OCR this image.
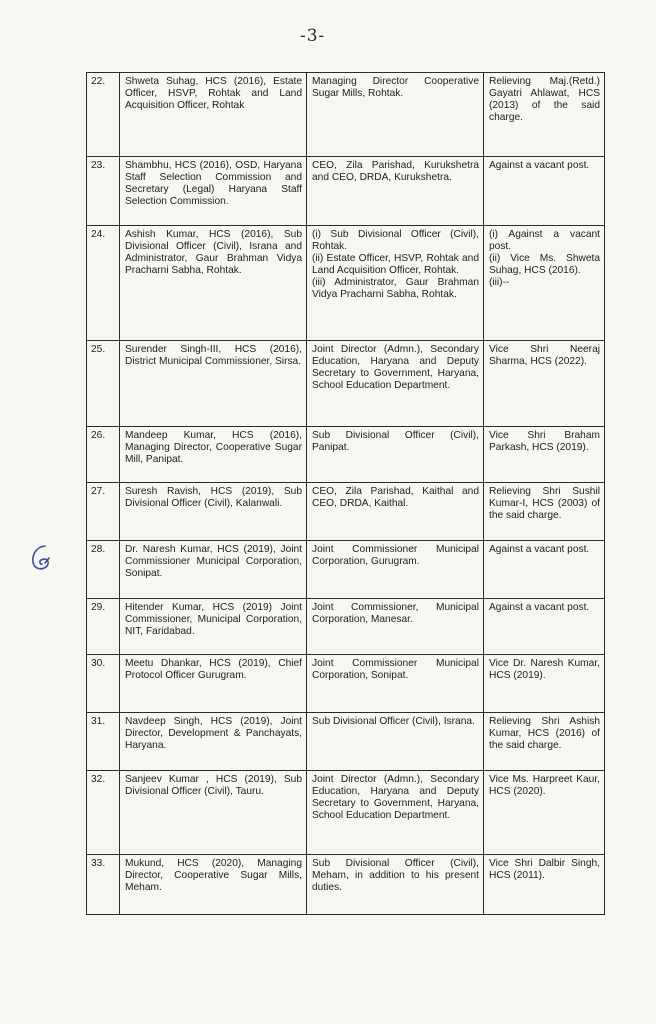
-3-
22.	Shweta Suhag, HCS (2016), Estate Officer, HSVP, Rohtak and Land Acquisition Officer, Rohtak	Managing Director Cooperative Sugar Mills, Rohtak.	Relieving Maj.(Retd.) Gayatri Ahlawat, HCS (2013) of the said charge.
23.	Shambhu, HCS (2016), OSD, Haryana Staff Selection Commission and Secretary (Legal) Haryana Staff Selection Commission.	CEO, Zila Parishad, Kurukshetra and CEO, DRDA, Kurukshetra.	Against a vacant post.
24.	Ashish Kumar, HCS (2016), Sub Divisional Officer (Civil), Israna and Administrator, Gaur Brahman Vidya Pracharni Sabha, Rohtak.	(i) Sub Divisional Officer (Civil), Rohtak.
(ii) Estate Officer, HSVP, Rohtak and Land Acquisition Officer, Rohtak.
(iii) Administrator, Gaur Brahman Vidya Pracharni Sabha, Rohtak.	(i) Against a vacant post.
(ii) Vice Ms. Shweta Suhag, HCS (2016).
(iii)--

25.	Surender Singh-III, HCS (2016), District Municipal Commissioner, Sirsa.	Joint Director (Admn.), Secondary Education, Haryana and Deputy Secretary to Government, Haryana, School Education Department.	Vice Shri Neeraj Sharma, HCS (2022).
26.	Mandeep Kumar, HCS (2016), Managing Director, Cooperative Sugar Mill, Panipat.	Sub Divisional Officer (Civil), Panipat.	Vice Shri Braham Parkash, HCS (2019).
27.	Suresh Ravish, HCS (2019), Sub Divisional Officer (Civil), Kalanwali.	CEO, Zila Parishad, Kaithal and CEO, DRDA, Kaithal.	Relieving Shri Sushil Kumar-I, HCS (2003) of the said charge.
28.	Dr. Naresh Kumar, HCS (2019), Joint Commissioner Municipal Corporation, Sonipat.	Joint Commissioner Municipal Corporation, Gurugram.	Against a vacant post.
29.	Hitender Kumar, HCS (2019) Joint Commissioner, Municipal Corporation, NIT, Faridabad.	Joint Commissioner, Municipal Corporation, Manesar.	Against a vacant post.
30.	Meetu Dhankar, HCS (2019), Chief Protocol Officer Gurugram.	Joint Commissioner Municipal Corporation, Sonipat.	Vice Dr. Naresh Kumar, HCS (2019).
31.	Navdeep Singh, HCS (2019), Joint Director, Development & Panchayats, Haryana.	Sub Divisional Officer (Civil), Israna.	Relieving Shri Ashish Kumar, HCS (2016) of the said charge.
32.	Sanjeev Kumar , HCS (2019), Sub Divisional Officer (Civil), Tauru.	Joint Director (Admn.), Secondary Education, Haryana and Deputy Secretary to Government, Haryana, School Education Department.	Vice Ms. Harpreet Kaur, HCS (2020).
33.	Mukund, HCS (2020), Managing Director, Cooperative Sugar Mills, Meham.	Sub Divisional Officer (Civil), Meham, in addition to his present duties.	Vice Shri Dalbir Singh, HCS (2011).
